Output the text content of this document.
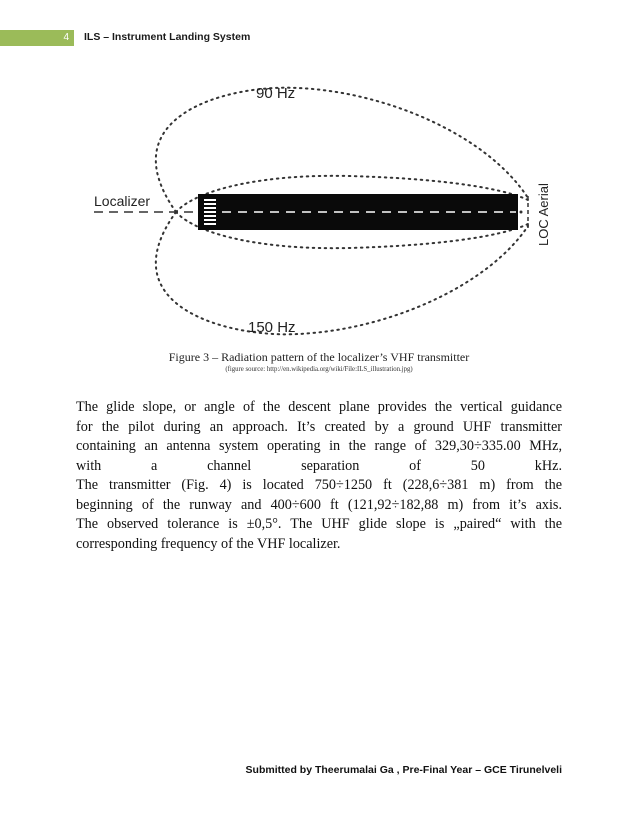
4	ILS – Instrument Landing System
90 Hz
150 Hz
Localizer	LOC Aerial
Figure 3 – Radiation pattern of the localizer’s VHF transmitter
(figure source: http://en.wikipedia.org/wiki/File:ILS_illustration.jpg)

The glide slope, or angle of the descent plane provides the vertical guidance

for the pilot during an approach. It’s created by a ground UHF transmitter

containing an antenna system operating in the range of 329,30÷335.00 MHz,

with a channel separation of 50 kHz.

The transmitter (Fig. 4) is located 750÷1250 ft (228,6÷381 m) from the

beginning of the runway and 400÷600 ft (121,92÷182,88 m) from it’s axis.

The observed tolerance is ±0,5°. The UHF glide slope is „paired“ with the

corresponding frequency of the VHF localizer.

Submitted by Theerumalai Ga , Pre-Final Year – GCE Tirunelveli
